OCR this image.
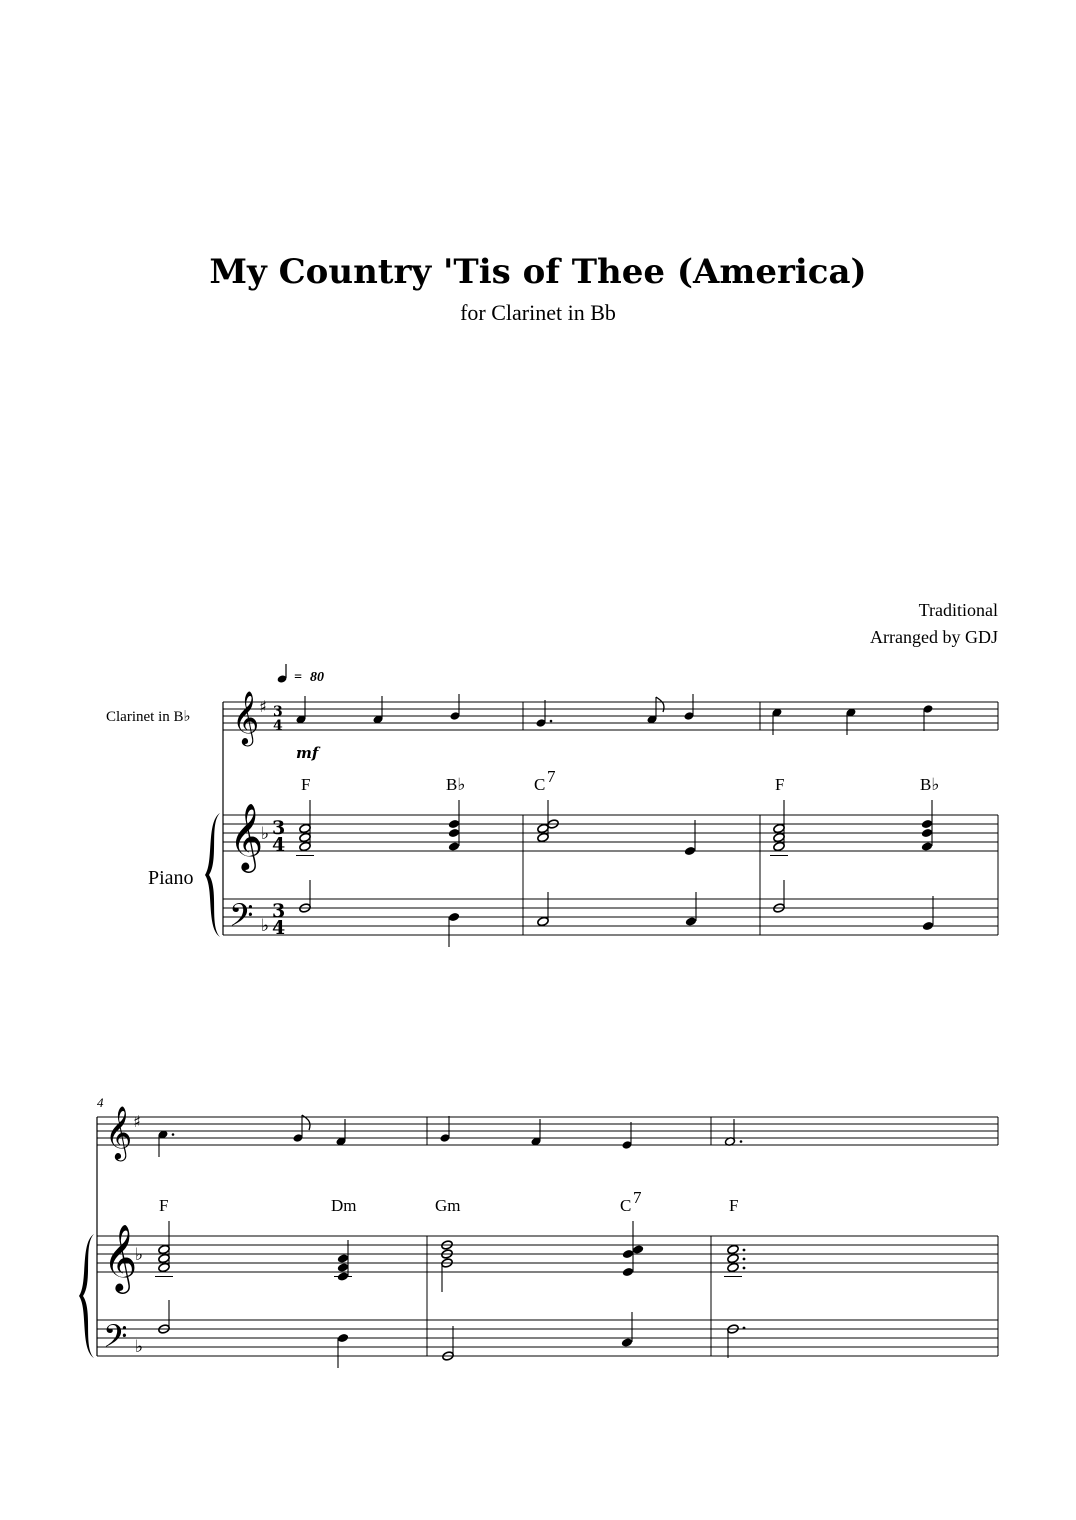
My Country 'Tis of Thee (America)
for Clarinet in Bb
Traditional
Arranged by GDJ
= 80
Clarinet in B♭
Piano
𝄞 ♯ 3
4
𝄞
♭ 3
4
𝄢 ♭
3
4
mf
F	B♭	C 7	F	B♭
4
𝄞 ♯
𝄞
♭
𝄢 ♭
F	Dm	Gm	C 7	F
